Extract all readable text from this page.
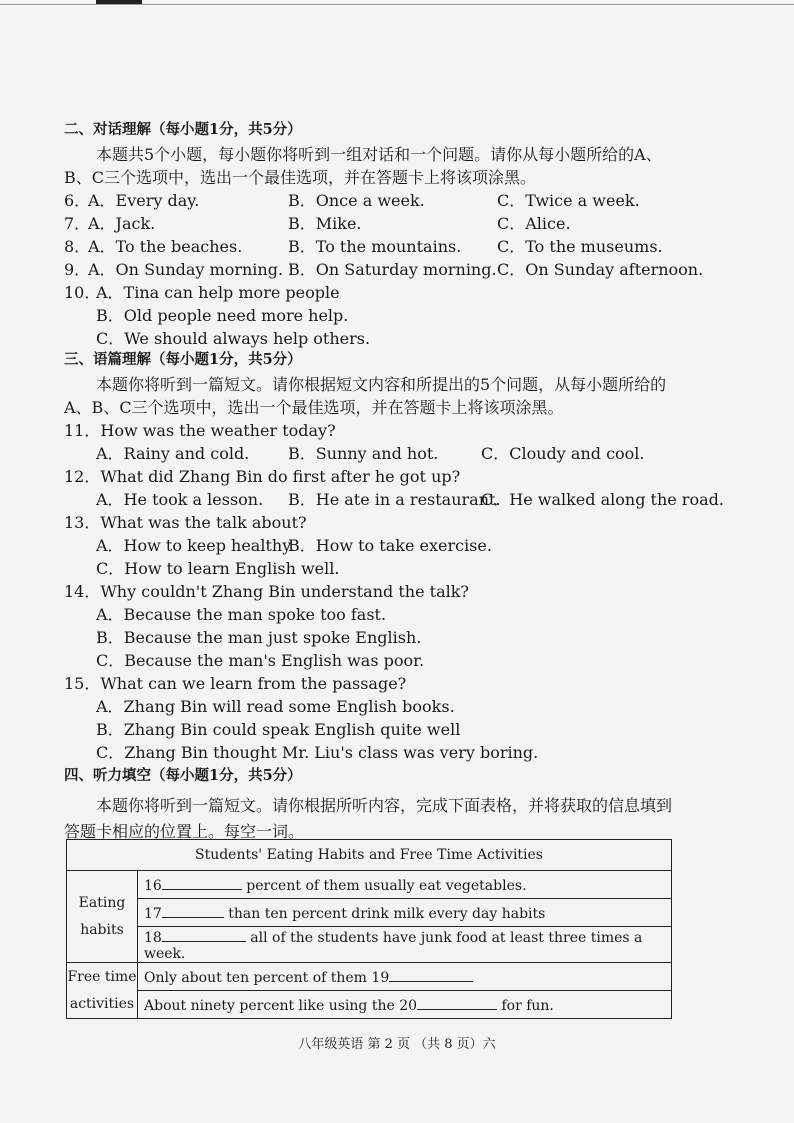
二、对话理解（每小题1分，共5分）
本题共5个小题，每小题你将听到一组对话和一个问题。请你从每小题所给的A、
B、C三个选项中，选出一个最佳选项，并在答题卡上将该项涂黑。
6．
A．Every day.	B．Once a week.	C．Twice a week.
7．
A．Jack.	B．Mike.	C．Alice.
8．
A．To the beaches.	B．To the mountains. C．To the museums.
9．
A．On Sunday morning. B．On Saturday morning. C．On Sunday afternoon.
10．
A．Tina can help more people
B．Old people need more help.
C．We should always help others.
三、语篇理解（每小题1分，共5分）
本题你将听到一篇短文。请你根据短文内容和所提出的5个问题，从每小题所给的
A、B、C三个选项中，选出一个最佳选项，并在答题卡上将该项涂黑。
11．How was the weather today?
A．Rainy and cold. B．Sunny and hot.	C．Cloudy and cool.
12．What did Zhang Bin do first after he got up?
A．He took a lesson. B．He ate in a restaurant.
C．He walked along the road.
13．What was the talk about?
A．How to keep healthy.
B．How to take exercise.
C．How to learn English well.
14．Why couldn't Zhang Bin understand the talk?
A．Because the man spoke too fast.
B．Because the man just spoke English.
C．Because the man's English was poor.
15．What can we learn from the passage?
A．Zhang Bin will read some English books.
B．Zhang Bin could speak English quite well
C．Zhang Bin thought Mr. Liu's class was very boring.
四、听力填空（每小题1分，共5分）
本题你将听到一篇短文。请你根据所听内容，完成下面表格，并将获取的信息填到
答题卡相应的位置上。每空一词。
Students' Eating Habits and Free Time Activities	

Eating
habits	16 percent of them usually eat vegetables.
	17 than ten percent drink milk every day habits
	18 all of the students have junk food at least three times a week.

Free time
activities	Only about ten percent of them 19
	About ninety percent like using the 20 for fun.
八年级英语 第 2 页 （共 8 页）六
